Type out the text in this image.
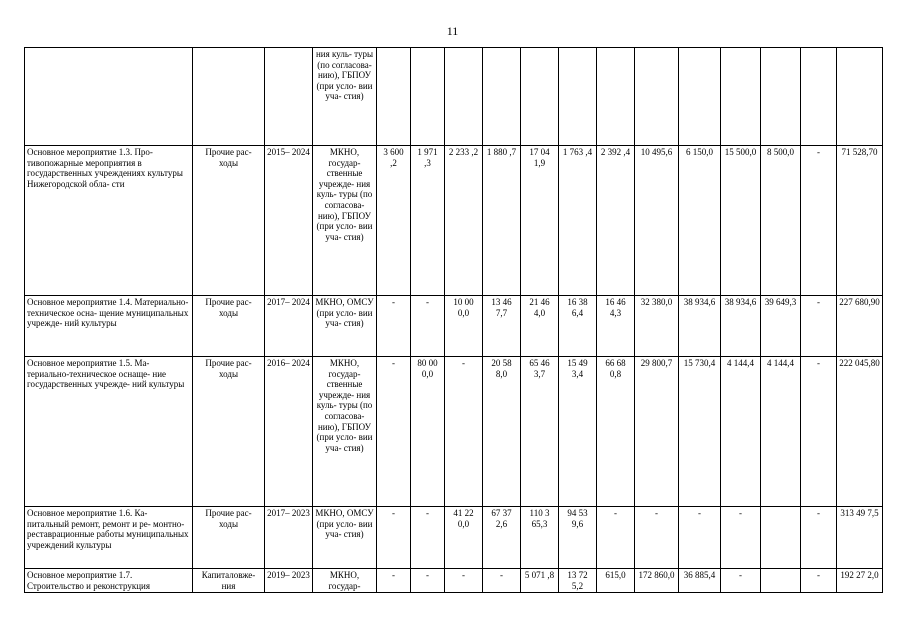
11
			ния куль- туры (по согласова- нию), ГБПОУ (при усло- вии уча- стия)													
Основное мероприятие 1.3. Про- тивопожарные мероприятия в государственных учреждениях культуры Нижегородской обла- сти	Прочие рас- ходы	2015– 2024	МКНО, государ- ственные учрежде- ния куль- туры (по согласова- нию), ГБПОУ (при усло- вии уча- стия)	3 600 ,2	1 971 ,3	2 233 ,2	1 880 ,7	17 04 1,9	1 763 ,4	2 392 ,4	10 495,6	6 150,0	15 500,0	8 500,0	-	71 528,70
Основное мероприятие 1.4. Материально-техническое осна- щение муниципальных учрежде- ний культуры	Прочие рас- ходы	2017– 2024	МКНО, ОМСУ (при усло- вии уча- стия)	-	-	10 00 0,0	13 46 7,7	21 46 4,0	16 38 6,4	16 46 4,3	32 380,0	38 934,6	38 934,6	39 649,3	-	227 680,90
Основное мероприятие 1.5. Ма- териально-техническое оснаще- ние государственных учрежде- ний культуры	Прочие рас- ходы	2016– 2024	МКНО, государ- ственные учрежде- ния куль- туры (по согласова- нию), ГБПОУ (при усло- вии уча- стия)	-	80 00 0,0	-	20 58 8,0	65 46 3,7	15 49 3,4	66 68 0,8	29 800,7	15 730,4	4 144,4	4 144,4	-	222 045,80
Основное мероприятие 1.6. Ка- питальный ремонт, ремонт и ре- монтно-реставрационные работы муниципальных учреждений культуры	Прочие рас- ходы	2017– 2023	МКНО, ОМСУ (при усло- вии уча- стия)	-	-	41 22 0,0	67 37 2,6	110 3 65,3	94 53 9,6	-	-	-	-		-	313 49 7,5
Основное мероприятие 1.7. Строительство и реконструкция	Капиталовже- ния	2019– 2023	МКНО, государ-	-	-	-	-	5 071 ,8	13 72 5,2	615,0	172 860,0	36 885,4	-		-	192 27 2,0
